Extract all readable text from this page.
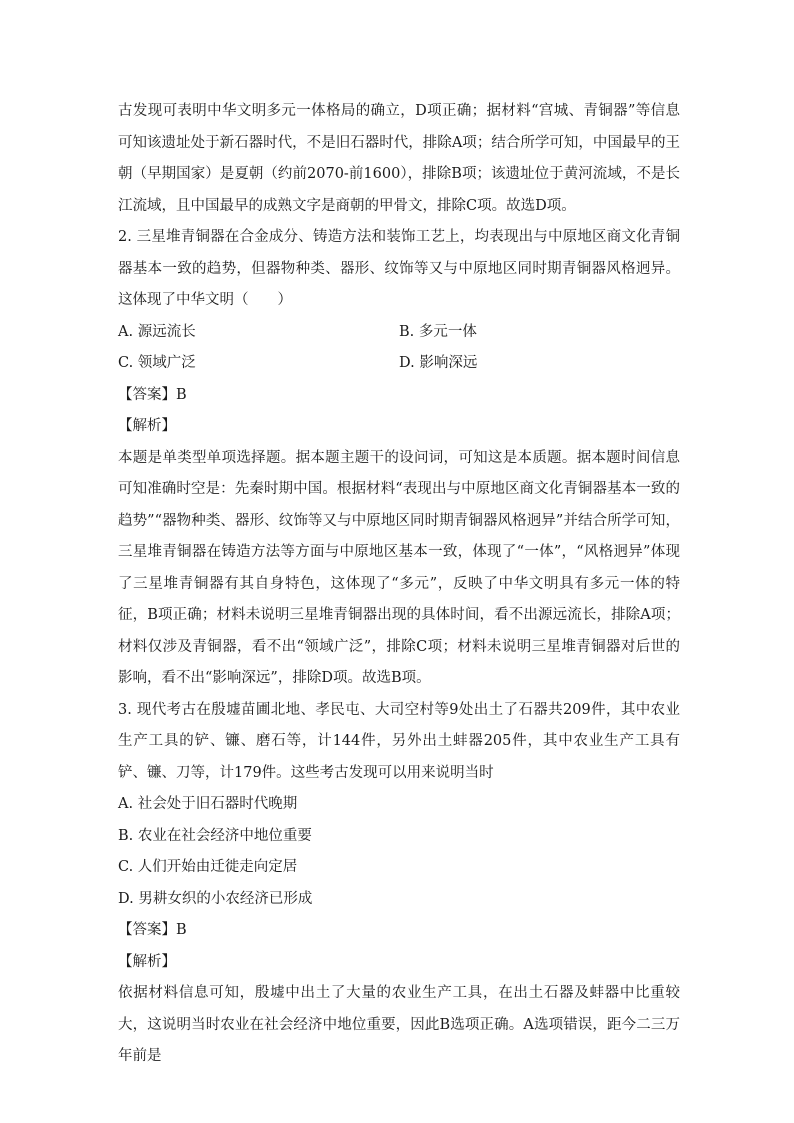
古发现可表明中华文明多元一体格局的确立，D项正确；据材料“宫城、青铜器”等信息可知该遗址处于新石器时代，不是旧石器时代，排除A项；结合所学可知，中国最早的王朝（早期国家）是夏朝（约前2070-前1600），排除B项；该遗址位于黄河流域，不是长江流域，且中国最早的成熟文字是商朝的甲骨文，排除C项。故选D项。

2. 三星堆青铜器在合金成分、铸造方法和装饰工艺上，均表现出与中原地区商文化青铜器基本一致的趋势，但器物种类、器形、纹饰等又与中原地区同时期青铜器风格迥异。这体现了中华文明（　　）

A. 源远流长	B. 多元一体

C. 领域广泛	D. 影响深远

【答案】B

【解析】

本题是单类型单项选择题。据本题主题干的设问词，可知这是本质题。据本题时间信息可知准确时空是：先秦时期中国。根据材料“表现出与中原地区商文化青铜器基本一致的趋势”“器物种类、器形、纹饰等又与中原地区同时期青铜器风格迥异”并结合所学可知，三星堆青铜器在铸造方法等方面与中原地区基本一致，体现了“一体”，“风格迥异”体现了三星堆青铜器有其自身特色，这体现了“多元”，反映了中华文明具有多元一体的特征，B项正确；材料未说明三星堆青铜器出现的具体时间，看不出源远流长，排除A项；材料仅涉及青铜器，看不出“领域广泛”，排除C项；材料未说明三星堆青铜器对后世的影响，看不出“影响深远”，排除D项。故选B项。

3. 现代考古在殷墟苗圃北地、孝民屯、大司空村等9处出土了石器共209件，其中农业生产工具的铲、镰、磨石等，计144件，另外出土蚌器205件，其中农业生产工具有铲、镰、刀等，计179件。这些考古发现可以用来说明当时

A. 社会处于旧石器时代晚期

B. 农业在社会经济中地位重要

C. 人们开始由迁徙走向定居

D. 男耕女织的小农经济已形成

【答案】B

【解析】

依据材料信息可知，殷墟中出土了大量的农业生产工具，在出土石器及蚌器中比重较大，这说明当时农业在社会经济中地位重要，因此B选项正确。A选项错误，距今二三万年前是
